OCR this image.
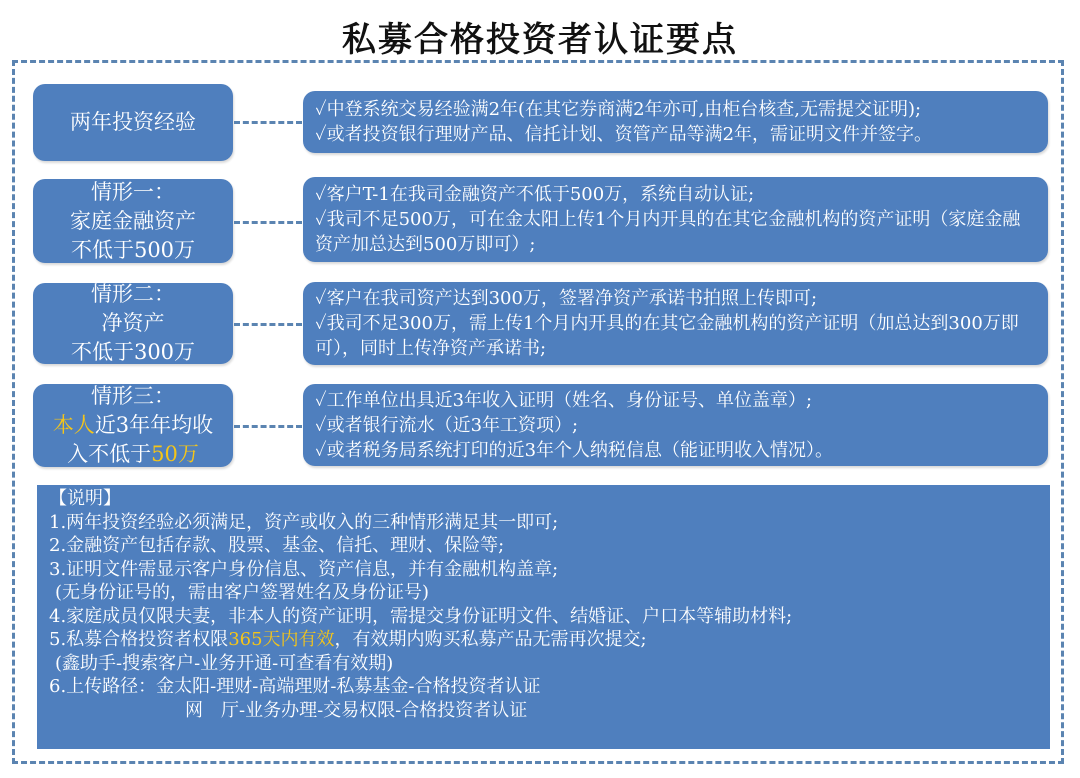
私募合格投资者认证要点
两年投资经验
✓中登系统交易经验满2年(在其它券商满2年亦可,由柜台核查,无需提交证明);
✓或者投资银行理财产品、信托计划、资管产品等满2年，需证明文件并签字。
情形一：
家庭金融资产
不低于500万
✓客户T-1在我司金融资产不低于500万，系统自动认证;
✓我司不足500万，可在金太阳上传1个月内开具的在其它金融机构的资产证明（家庭金融资产加总达到500万即可）;
情形二：
净资产
不低于300万
✓客户在我司资产达到300万，签署净资产承诺书拍照上传即可;
✓我司不足300万，需上传1个月内开具的在其它金融机构的资产证明（加总达到300万即可），同时上传净资产承诺书;
情形三：
本人近3年年均收
入不低于50万
✓工作单位出具近3年收入证明（姓名、身份证号、单位盖章）;
✓或者银行流水（近3年工资项）;
✓或者税务局系统打印的近3年个人纳税信息（能证明收入情况）。
【说明】
1.两年投资经验必须满足，资产或收入的三种情形满足其一即可;
2.金融资产包括存款、股票、基金、信托、理财、保险等;
3.证明文件需显示客户身份信息、资产信息，并有金融机构盖章;
(无身份证号的，需由客户签署姓名及身份证号)
4.家庭成员仅限夫妻，非本人的资产证明，需提交身份证明文件、结婚证、户口本等辅助材料;
5.私募合格投资者权限365天内有效，有效期内购买私募产品无需再次提交;
(鑫助手-搜索客户-业务开通-可查看有效期)
6.上传路径：金太阳-理财-高端理财-私募基金-合格投资者认证
网　厅-业务办理-交易权限-合格投资者认证
